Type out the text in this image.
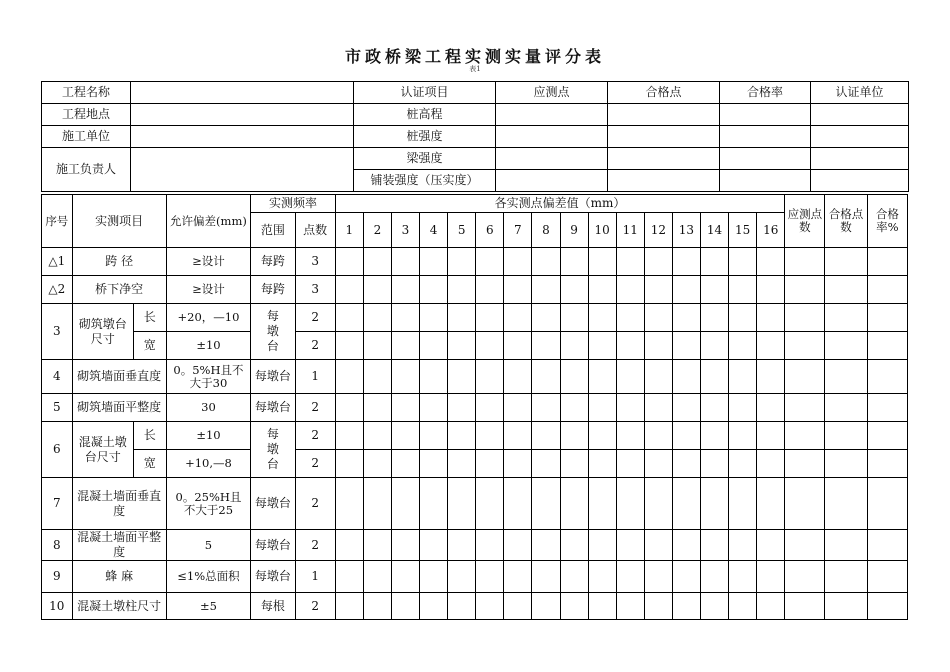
市政桥梁工程实测实量评分表
表1
工程名称		认证项目	应测点	合格点	合格率	认证单位
工程地点		桩高程				
施工单位		桩强度				
施工负责人		梁强度				
		铺装强度（压实度）				
序号	实测项目		允许偏差(mm)	实测频率		各实测点偏差值（mm）																应测点数	合格点数	合格率%
				范围	点数	1	2	3	4	5	6	7	8	9	10	11	12	13	14	15	16			
△1	跨 径		≥设计	每跨	3																			
△2	桥下净空		≥设计	每跨	3																			
3	砌筑墩台尺寸	长	+20，—10	每墩台	2																			
		宽	±10		2																			
4	砌筑墙面垂直度		0。5%H且不大于30	每墩台	1																			
5	砌筑墙面平整度		30	每墩台	2																			
6	混凝土墩台尺寸	长	±10	每墩台	2																			
		宽	+10,—8		2																			
7	混凝土墙面垂直度		0。25%H且不大于25	每墩台	2																			
8	混凝土墙面平整度		5	每墩台	2																			
9	蜂 麻		≤1%总面积	每墩台	1																			
10	混凝土墩柱尺寸		±5	每根	2																			
